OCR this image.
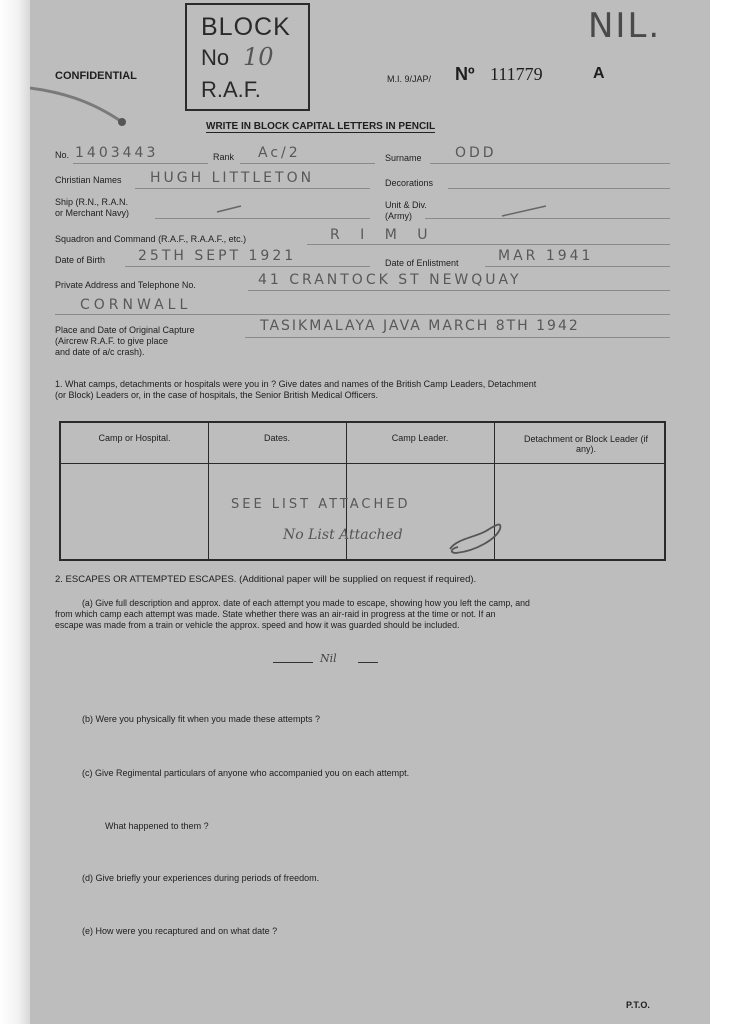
CONFIDENTIAL
NIL.
M.I. 9/JAP/ Nº 111779	A
BLOCK
No 10
R.A.F.
WRITE IN BLOCK CAPITAL LETTERS IN PENCIL
No. 1403443	Rank Ac/2	Surname ODD
Christian Names HUGH LITTLETON	Decorations
Ship (R.N., R.A.N.
or Merchant Navy)
Unit & Div.
(Army)
Squadron and Command (R.A.F., R.A.A.F., etc.)	R I M U
Date of Birth 25TH SEPT 1921	Date of Enlistment	MAR 1941
Private Address and Telephone No.	41 CRANTOCK ST NEWQUAY
CORNWALL
Place and Date of Original Capture
(Aircrew R.A.F. to give place
and date of a/c crash).
TASIKMALAYA JAVA MARCH 8TH 1942
1. What camps, detachments or hospitals were you in ? Give dates and names of the British Camp Leaders, Detachment
(or Block) Leaders or, in the case of hospitals, the Senior British Medical Officers.
Camp or Hospital.	Dates.	Camp Leader.	Detachment or Block Leader (if any).
SEE LIST ATTACHED
No List Attached
2. ESCAPES OR ATTEMPTED ESCAPES. (Additional paper will be supplied on request if required).
(a) Give full description and approx. date of each attempt you made to escape, showing how you left the camp, and
from which camp each attempt was made. State whether there was an air-raid in progress at the time or not. If an
escape was made from a train or vehicle the approx. speed and how it was guarded should be included.
Nil
(b) Were you physically fit when you made these attempts ?
(c) Give Regimental particulars of anyone who accompanied you on each attempt.
What happened to them ?
(d) Give briefly your experiences during periods of freedom.
(e) How were you recaptured and on what date ?
P.T.O.
